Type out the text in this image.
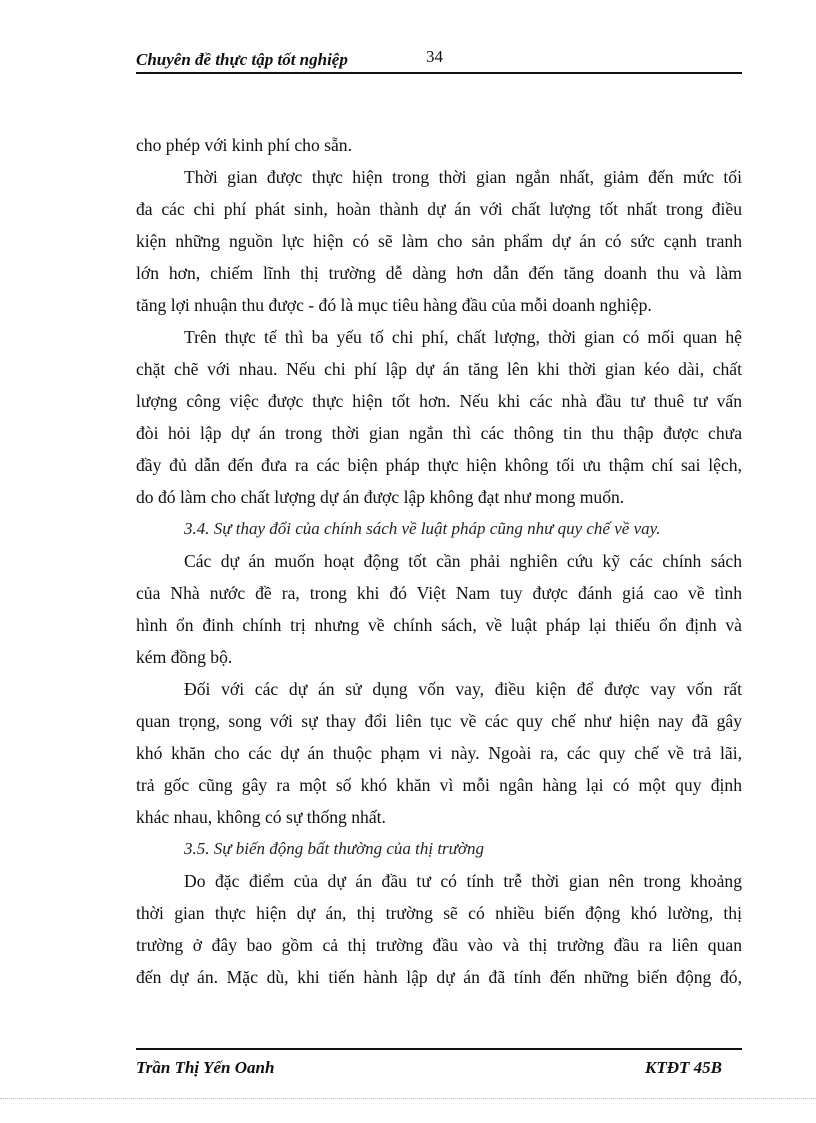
Chuyên đề thực tập tốt nghiệp	34
cho phép với kinh phí cho sẵn.
Thời gian được thực hiện trong thời gian ngắn nhất, giảm đến mức tối
đa các chi phí phát sinh, hoàn thành dự án với chất lượng tốt nhất trong điều
kiện những nguồn lực hiện có sẽ làm cho sản phẩm dự án có sức cạnh tranh
lớn hơn, chiếm lĩnh thị trường dễ dàng hơn dẫn đến tăng doanh thu và làm
tăng lợi nhuận thu được - đó là mục tiêu hàng đầu của mỗi doanh nghiệp.
Trên thực tế thì ba yếu tố chi phí, chất lượng, thời gian có mối quan hệ
chặt chẽ với nhau. Nếu chi phí lập dự án tăng lên khi thời gian kéo dài, chất
lượng công việc được thực hiện tốt hơn. Nếu khi các nhà đầu tư thuê tư vấn
đòi hỏi lập dự án trong thời gian ngắn thì các thông tin thu thập được chưa
đầy đủ dẫn đến đưa ra các biện pháp thực hiện không tối ưu thậm chí sai lệch,
do đó làm cho chất lượng dự án được lập không đạt như mong muốn.
3.4. Sự thay đổi của chính sách về luật pháp cũng như quy chế về vay.
Các dự án muốn hoạt động tốt cần phải nghiên cứu kỹ các chính sách
của Nhà nước đề ra, trong khi đó Việt Nam tuy được đánh giá cao về tình
hình ổn đinh chính trị nhưng về chính sách, về luật pháp lại thiếu ổn định và
kém đồng bộ.
Đối với các dự án sử dụng vốn vay, điều kiện để được vay vốn rất
quan trọng, song với sự thay đổi liên tục về các quy chế như hiện nay đã gây
khó khăn cho các dự án thuộc phạm vi này. Ngoài ra, các quy chế về trả lãi,
trả gốc cũng gây ra một số khó khăn vì mỗi ngân hàng lại có một quy định
khác nhau, không có sự thống nhất.
3.5. Sự biến động bất thường của thị trường
Do đặc điểm của dự án đầu tư có tính trễ thời gian nên trong khoảng
thời gian thực hiện dự án, thị trường sẽ có nhiều biến động khó lường, thị
trường ở đây bao gồm cả thị trường đầu vào và thị trường đầu ra liên quan
đến dự án. Mặc dù, khi tiến hành lập dự án đã tính đến những biến động đó,
Trần Thị Yến Oanh	KTĐT 45B
